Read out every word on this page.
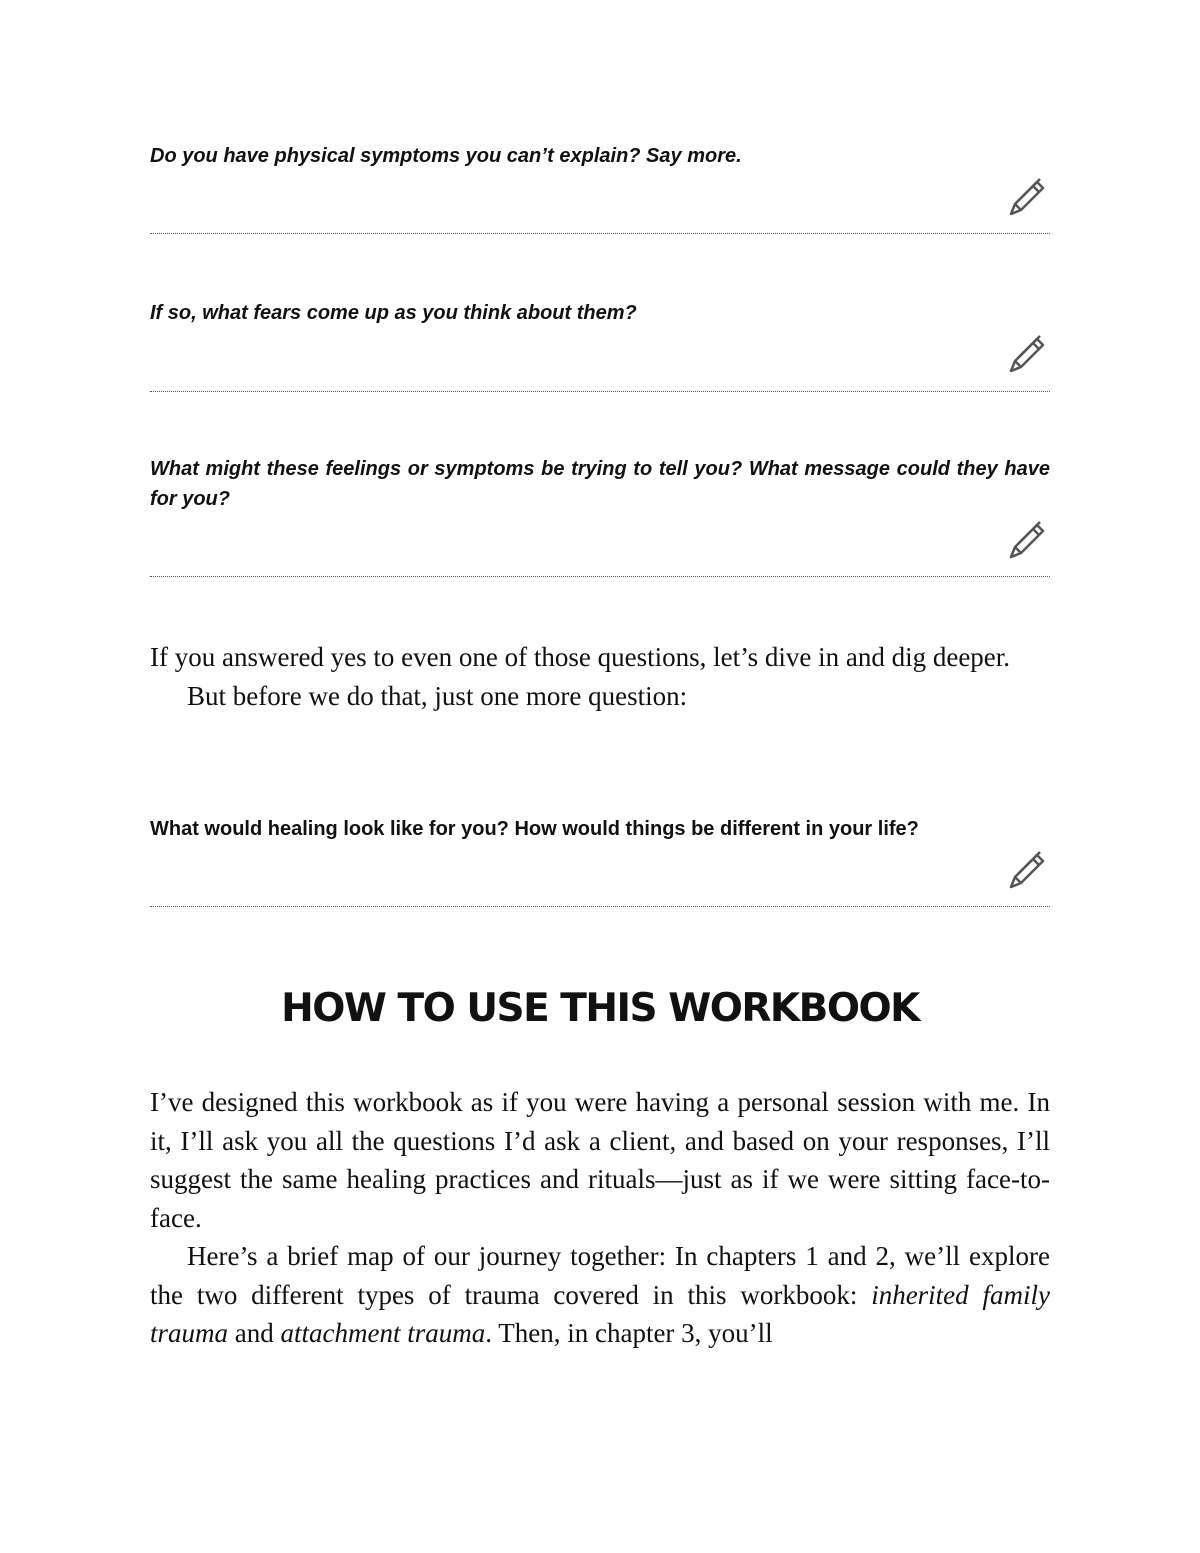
Do you have physical symptoms you can’t explain? Say more.

If so, what fears come up as you think about them?

What might these feelings or symptoms be trying to tell you? What message could they have for you?

If you answered yes to even one of those questions, let’s dive in and dig deeper.

But before we do that, just one more question:

What would healing look like for you? How would things be different in your life?

HOW TO USE THIS WORKBOOK

I’ve designed this workbook as if you were having a personal session with me. In it, I’ll ask you all the questions I’d ask a client, and based on your responses, I’ll suggest the same healing practices and rituals—just as if we were sitting face-to-face.

Here’s a brief map of our journey together: In chapters 1 and 2, we’ll explore the two different types of trauma covered in this workbook: inherited family trauma and attachment trauma. Then, in chapter 3, you’ll
